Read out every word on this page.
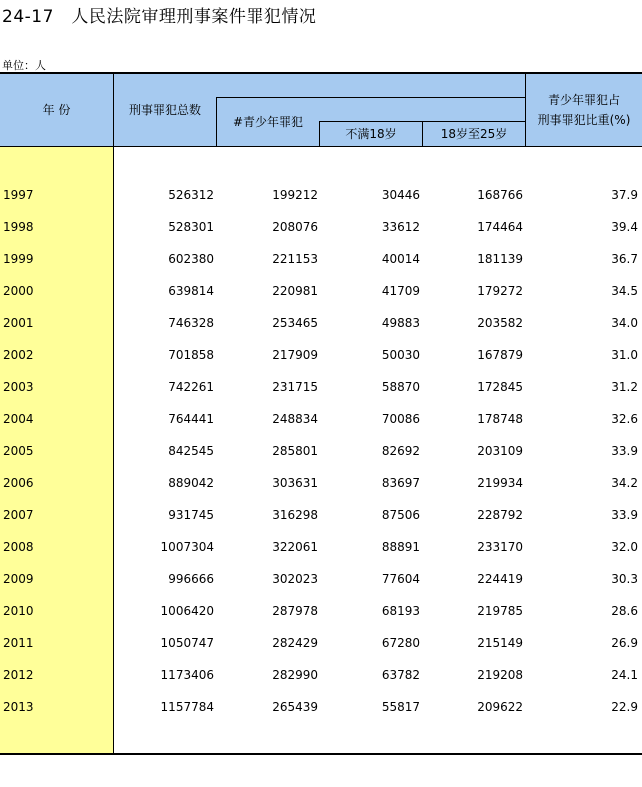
24-17　人民法院审理刑事案件罪犯情况
单位：人
年 份	刑事罪犯总数
#青少年罪犯
不满18岁	18岁至25岁
青少年罪犯占
刑事罪犯比重(%)
1997	526312	199212	30446	168766	37.9
1998	528301	208076	33612	174464	39.4
1999	602380	221153	40014	181139	36.7
2000	639814	220981	41709	179272	34.5
2001	746328	253465	49883	203582	34.0
2002	701858	217909	50030	167879	31.0
2003	742261	231715	58870	172845	31.2
2004	764441	248834	70086	178748	32.6
2005	842545	285801	82692	203109	33.9
2006	889042	303631	83697	219934	34.2
2007	931745	316298	87506	228792	33.9
2008	1007304	322061	88891	233170	32.0
2009	996666	302023	77604	224419	30.3
2010	1006420	287978	68193	219785	28.6
2011	1050747	282429	67280	215149	26.9
2012	1173406	282990	63782	219208	24.1
2013	1157784	265439	55817	209622	22.9
